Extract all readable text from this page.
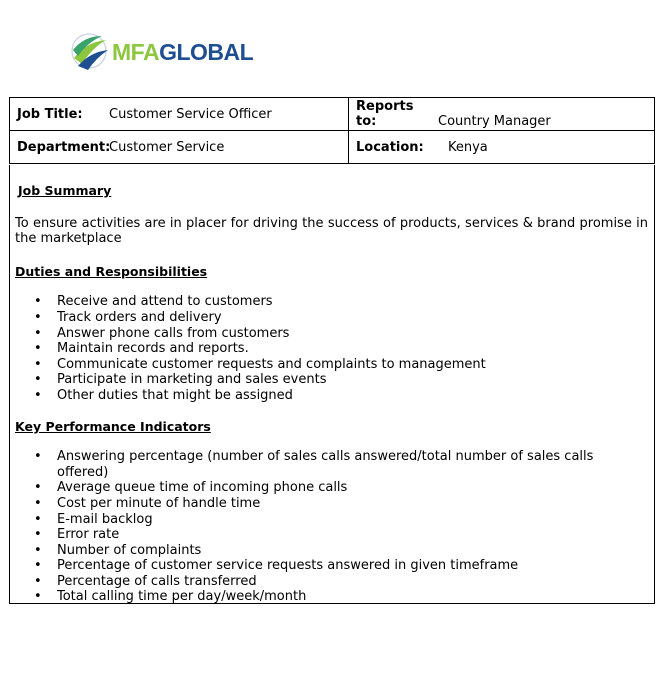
MFAGLOBAL
Job Title: Customer Service Officer	Reports to: Country Manager
Department:Customer Service	Location: Kenya
Job Summary

To ensure activities are in placer for driving the success of products, services & brand promise in the marketplace

Duties and Responsibilities
• Receive and attend to customers
• Track orders and delivery
• Answer phone calls from customers
• Maintain records and reports.
• Communicate customer requests and complaints to management
• Participate in marketing and sales events
• Other duties that might be assigned
Key Performance Indicators
• Answering percentage (number of sales calls answered/total number of sales calls offered)
• Average queue time of incoming phone calls
• Cost per minute of handle time
• E-mail backlog
• Error rate
• Number of complaints
• Percentage of customer service requests answered in given timeframe
• Percentage of calls transferred
• Total calling time per day/week/month
